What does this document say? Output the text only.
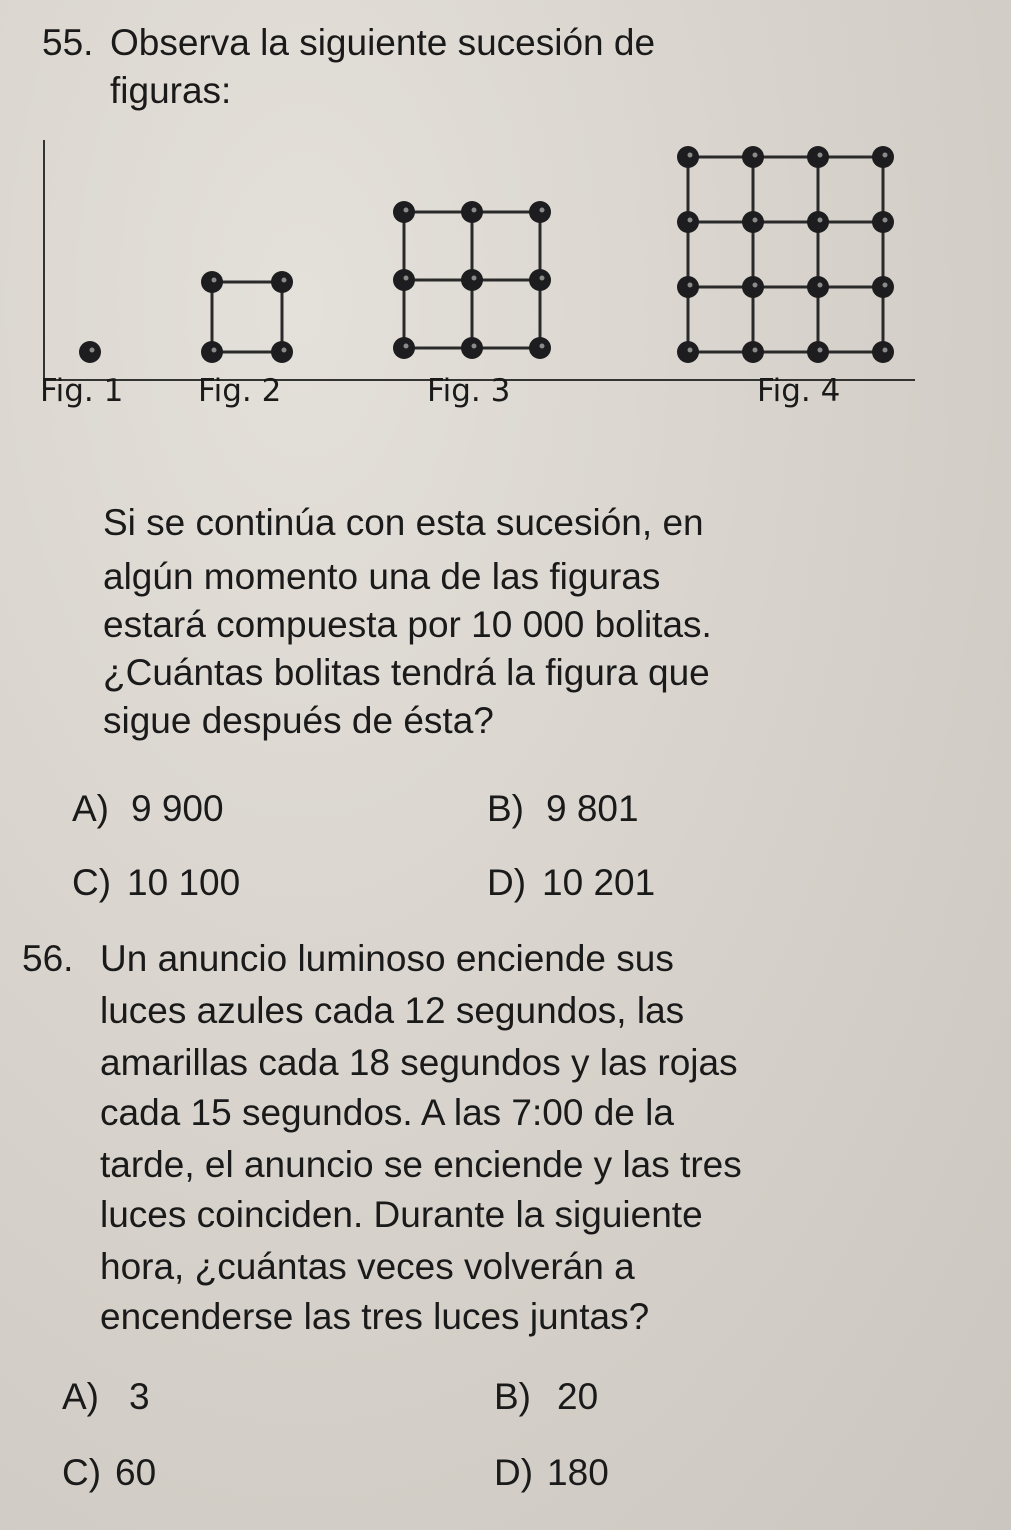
55. Observa la siguiente sucesión de
figuras:
Fig. 1 Fig. 2	Fig. 3	Fig. 4
Si se continúa con esta sucesión, en
algún momento una de las figuras
estará compuesta por 10 000 bolitas.
¿Cuántas bolitas tendrá la figura que
sigue después de ésta?
A) 9 900	B) 9 801
C) 10 100	D) 10 201
56. Un anuncio luminoso enciende sus
luces azules cada 12 segundos, las
amarillas cada 18 segundos y las rojas
cada 15 segundos. A las 7:00 de la
tarde, el anuncio se enciende y las tres
luces coinciden. Durante la siguiente
hora, ¿cuántas veces volverán a
encenderse las tres luces juntas?
A) 3	B) 20
C) 60	D) 180
